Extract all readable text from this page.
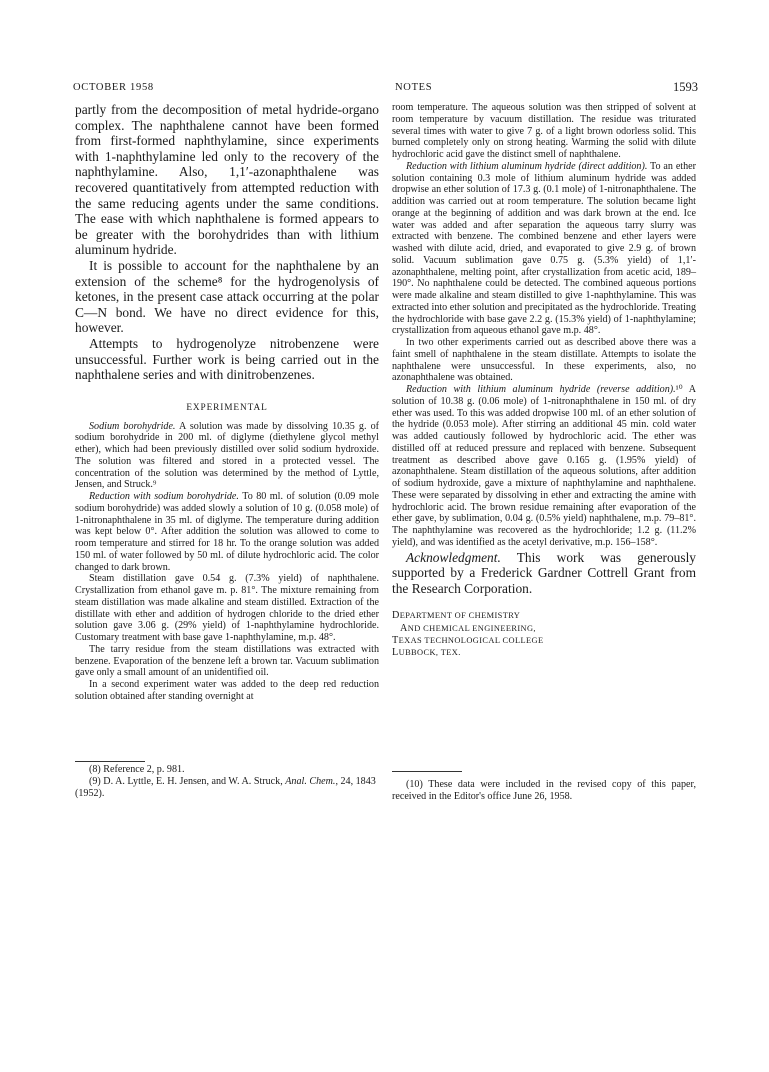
OCTOBER 1958	NOTES	1593

partly from the decomposition of metal hydride-organo complex. The naphthalene cannot have been formed from first-formed naphthylamine, since experiments with 1-naphthylamine led only to the recovery of the naphthylamine. Also, 1,1′-azonaphthalene was recovered quantitatively from attempted reduction with the same reducing agents under the same conditions. The ease with which naphthalene is formed appears to be greater with the borohydrides than with lithium aluminum hydride.

It is possible to account for the naphthalene by an extension of the scheme⁸ for the hydrogenolysis of ketones, in the present case attack occurring at the polar C—N bond. We have no direct evidence for this, however.

Attempts to hydrogenolyze nitrobenzene were unsuccessful. Further work is being carried out in the naphthalene series and with dinitrobenzenes.

EXPERIMENTAL

Sodium borohydride. A solution was made by dissolving 10.35 g. of sodium borohydride in 200 ml. of diglyme (diethylene glycol methyl ether), which had been previously distilled over solid sodium hydroxide. The solution was filtered and stored in a protected vessel. The concentration of the solution was determined by the method of Lyttle, Jensen, and Struck.⁹

Reduction with sodium borohydride. To 80 ml. of solution (0.09 mole sodium borohydride) was added slowly a solution of 10 g. (0.058 mole) of 1-nitronaphthalene in 35 ml. of diglyme. The temperature during addition was kept below 0°. After addition the solution was allowed to come to room temperature and stirred for 18 hr. To the orange solution was added 150 ml. of water followed by 50 ml. of dilute hydrochloric acid. The color changed to dark brown.

Steam distillation gave 0.54 g. (7.3% yield) of naphthalene. Crystallization from ethanol gave m. p. 81°. The mixture remaining from steam distillation was made alkaline and steam distilled. Extraction of the distillate with ether and addition of hydrogen chloride to the dried ether solution gave 3.06 g. (29% yield) of 1-naphthylamine hydrochloride. Customary treatment with base gave 1-naphthylamine, m.p. 48°.

The tarry residue from the steam distillations was extracted with benzene. Evaporation of the benzene left a brown tar. Vacuum sublimation gave only a small amount of an unidentified oil.

In a second experiment water was added to the deep red reduction solution obtained after standing overnight at

(8) Reference 2, p. 981.
(9) D. A. Lyttle, E. H. Jensen, and W. A. Struck, Anal. Chem., 24, 1843 (1952).

room temperature. The aqueous solution was then stripped of solvent at room temperature by vacuum distillation. The residue was triturated several times with water to give 7 g. of a light brown odorless solid. This burned completely only on strong heating. Warming the solid with dilute hydrochloric acid gave the distinct smell of naphthalene.

Reduction with lithium aluminum hydride (direct addition). To an ether solution containing 0.3 mole of lithium aluminum hydride was added dropwise an ether solution of 17.3 g. (0.1 mole) of 1-nitronaphthalene. The addition was carried out at room temperature. The solution became light orange at the beginning of addition and was dark brown at the end. Ice water was added and after separation the aqueous tarry slurry was extracted with benzene. The combined benzene and ether layers were washed with dilute acid, dried, and evaporated to give 2.9 g. of brown solid. Vacuum sublimation gave 0.75 g. (5.3% yield) of 1,1′-azonaphthalene, melting point, after crystallization from acetic acid, 189–190°. No naphthalene could be detected. The combined aqueous portions were made alkaline and steam distilled to give 1-naphthylamine. This was extracted into ether solution and precipitated as the hydrochloride. Treating the hydrochloride with base gave 2.2 g. (15.3% yield) of 1-naphthylamine; crystallization from aqueous ethanol gave m.p. 48°.

In two other experiments carried out as described above there was a faint smell of naphthalene in the steam distillate. Attempts to isolate the naphthalene were unsuccessful. In these experiments, also, no azonaphthalene was obtained.

Reduction with lithium aluminum hydride (reverse addition).¹⁰ A solution of 10.38 g. (0.06 mole) of 1-nitronaphthalene in 150 ml. of dry ether was used. To this was added dropwise 100 ml. of an ether solution of the hydride (0.053 mole). After stirring an additional 45 min. cold water was added cautiously followed by hydrochloric acid. The ether was distilled off at reduced pressure and replaced with benzene. Subsequent treatment as described above gave 0.165 g. (1.95% yield) of azonaphthalene. Steam distillation of the aqueous solutions, after addition of sodium hydroxide, gave a mixture of naphthylamine and naphthalene. These were separated by dissolving in ether and extracting the amine with hydrochloric acid. The brown residue remaining after evaporation of the ether gave, by sublimation, 0.04 g. (0.5% yield) naphthalene, m.p. 79–81°. The naphthylamine was recovered as the hydrochloride; 1.2 g. (11.2% yield), and was identified as the acetyl derivative, m.p. 156–158°.

Acknowledgment. This work was generously supported by a Frederick Gardner Cottrell Grant from the Research Corporation.

DEPARTMENT OF CHEMISTRY
AND CHEMICAL ENGINEERING,
TEXAS TECHNOLOGICAL COLLEGE
LUBBOCK, TEX.
(10) These data were included in the revised copy of this paper, received in the Editor's office June 26, 1958.
